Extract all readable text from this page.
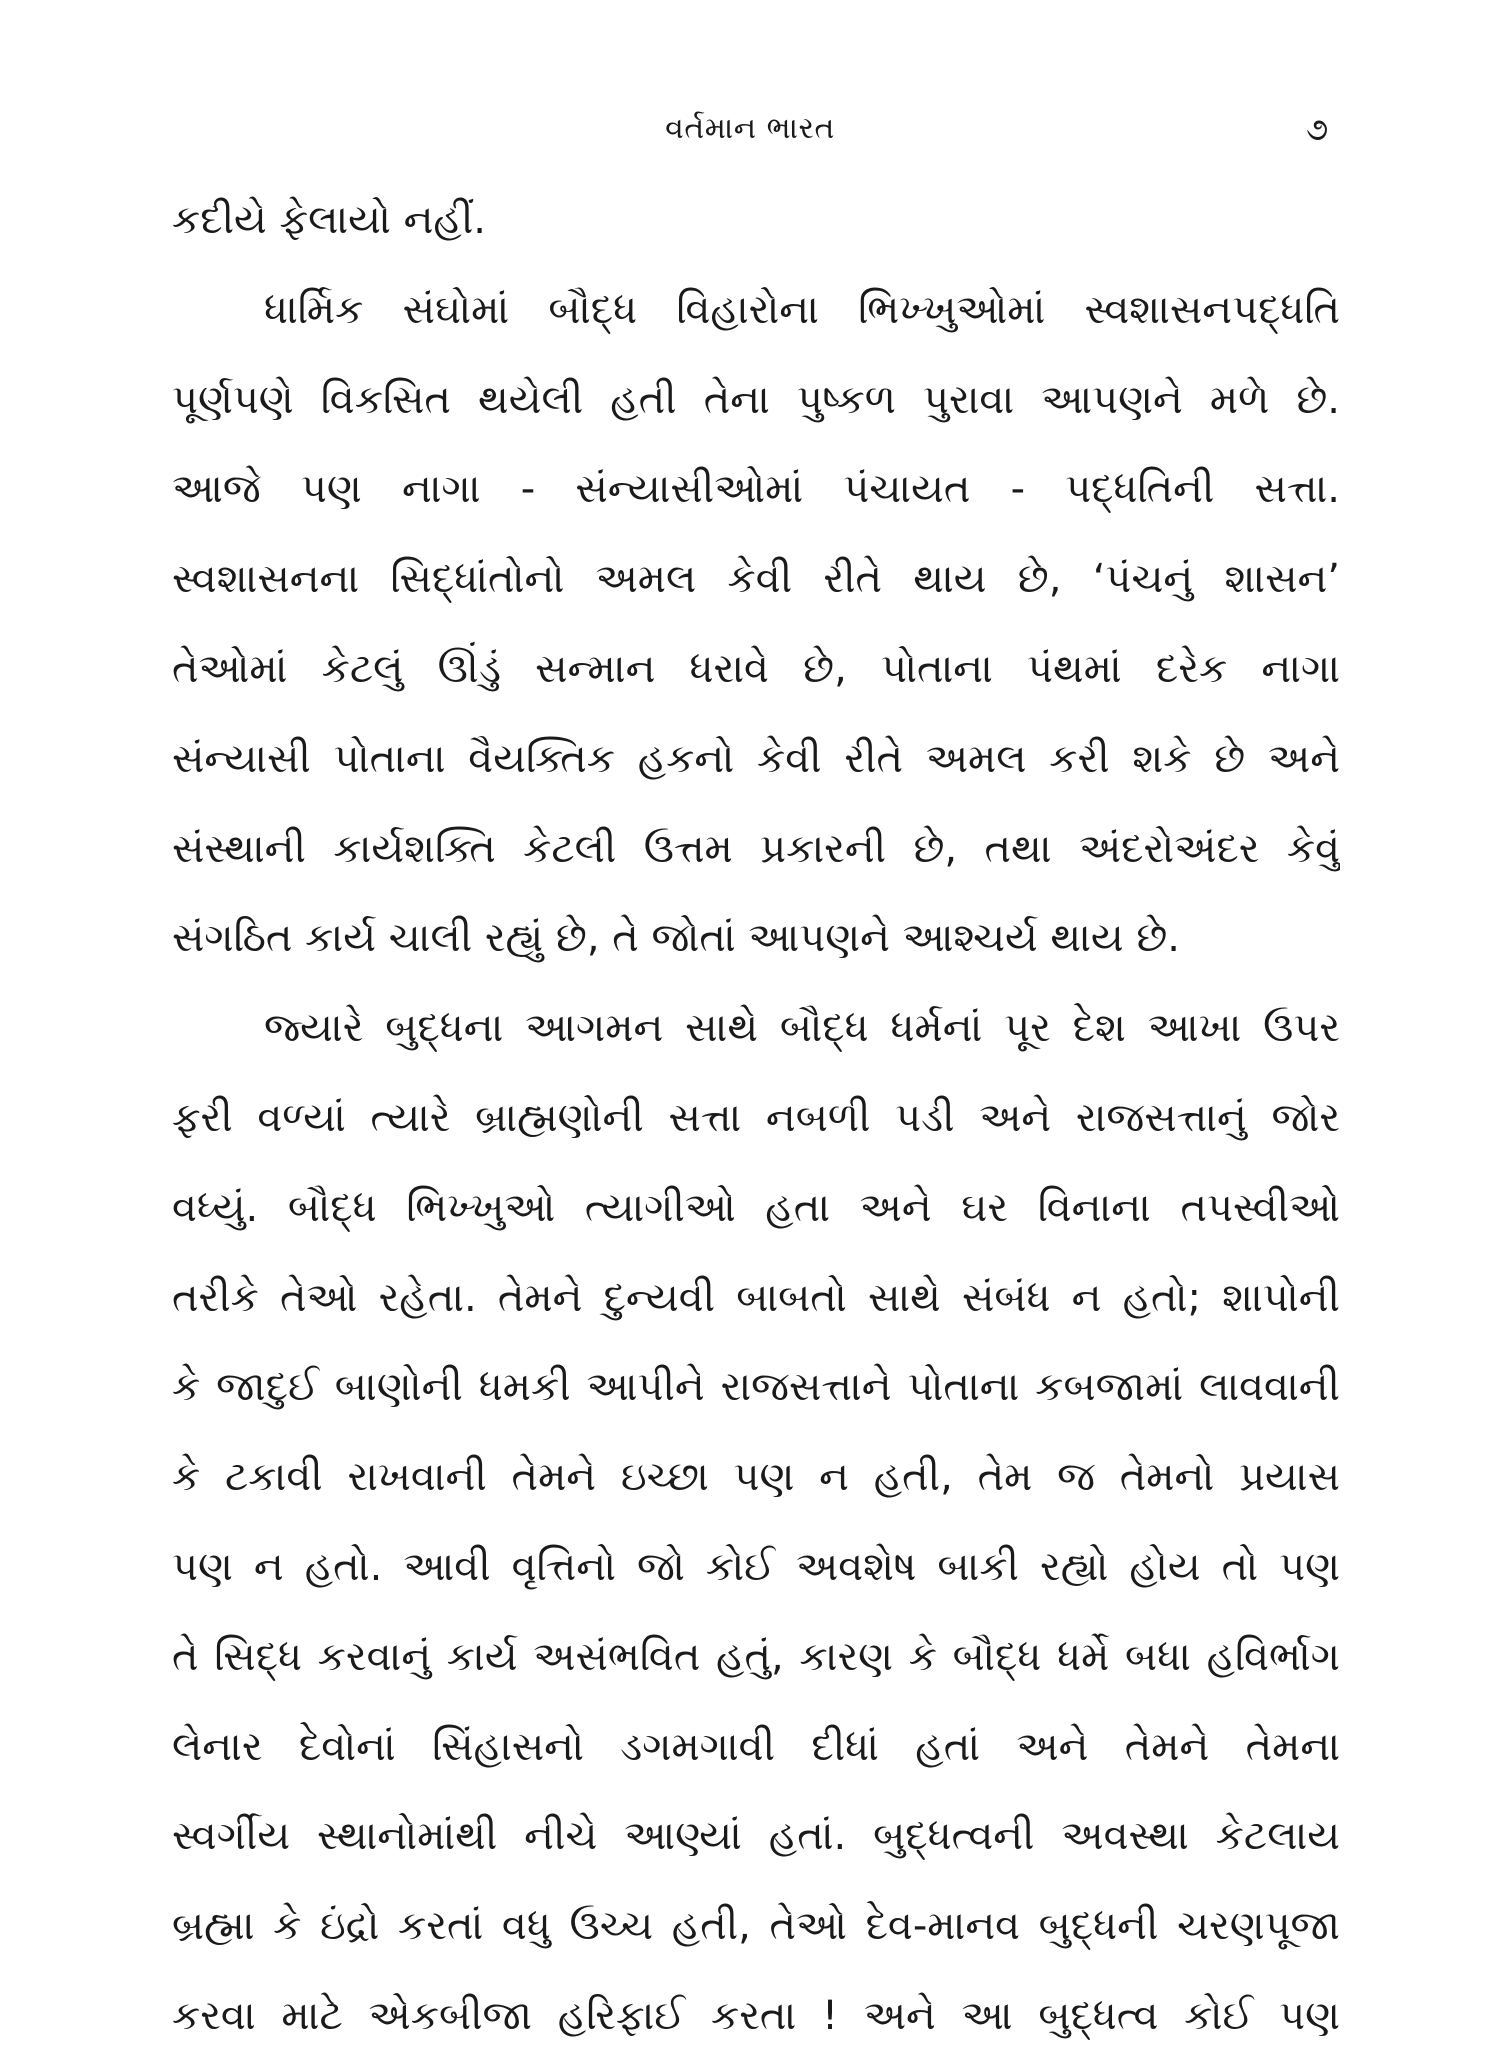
વર્તમાન ભારત	૭
કદીયે ફેલાયો નહીં.
ધાર્મિક સંઘોમાં બૌદ્ધ વિહારોના ભિખ્ખુઓમાં સ્વશાસનપદ્ધતિ
પૂર્ણપણે વિકસિત થયેલી હતી તેના પુષ્કળ પુરાવા આપણને મળે છે.
આજે પણ નાગા - સંન્યાસીઓમાં પંચાયત - પદ્ધતિની સત્તા.
સ્વશાસનના સિદ્ધાંતોનો અમલ કેવી રીતે થાય છે, ‘પંચનું શાસન’
તેઓમાં કેટલું ઊંડું સન્માન ધરાવે છે, પોતાના પંથમાં દરેક નાગા
સંન્યાસી પોતાના વૈયક્તિક હકનો કેવી રીતે અમલ કરી શકે છે અને
સંસ્થાની કાર્યશક્તિ કેટલી ઉત્તમ પ્રકારની છે, તથા અંદરોઅંદર કેવું
સંગઠિત કાર્ય ચાલી રહ્યું છે, તે જોતાં આપણને આશ્ચર્ય થાય છે.
જ્યારે બુદ્ધના આગમન સાથે બૌદ્ધ ધર્મનાં પૂર દેશ આખા ઉપર
ફરી વળ્યાં ત્યારે બ્રાહ્મણોની સત્તા નબળી પડી અને રાજસત્તાનું જોર
વધ્યું. બૌદ્ધ ભિખ્ખુઓ ત્યાગીઓ હતા અને ઘર વિનાના તપસ્વીઓ
તરીકે તેઓ રહેતા. તેમને દુન્યવી બાબતો સાથે સંબંધ ન હતો; શાપોની
કે જાદુઈ બાણોની ધમકી આપીને રાજસત્તાને પોતાના કબજામાં લાવવાની
કે ટકાવી રાખવાની તેમને ઇચ્છા પણ ન હતી, તેમ જ તેમનો પ્રયાસ
પણ ન હતો. આવી વૃત્તિનો જો કોઈ અવશેષ બાકી રહ્યો હોય તો પણ
તે સિદ્ધ કરવાનું કાર્ય અસંભવિત હતું, કારણ કે બૌદ્ધ ધર્મે બધા હવિર્ભાગ
લેનાર દેવોનાં સિંહાસનો ડગમગાવી દીધાં હતાં અને તેમને તેમના
સ્વર્ગીય સ્થાનોમાંથી નીચે આણ્યાં હતાં. બુદ્ધત્વની અવસ્થા કેટલાય
બ્રહ્મા કે ઇંદ્રો કરતાં વધુ ઉચ્ચ હતી, તેઓ દેવ-માનવ બુદ્ધની ચરણપૂજા
કરવા માટે એકબીજા હરિફાઈ કરતા ! અને આ બુદ્ધત્વ કોઈ પણ
